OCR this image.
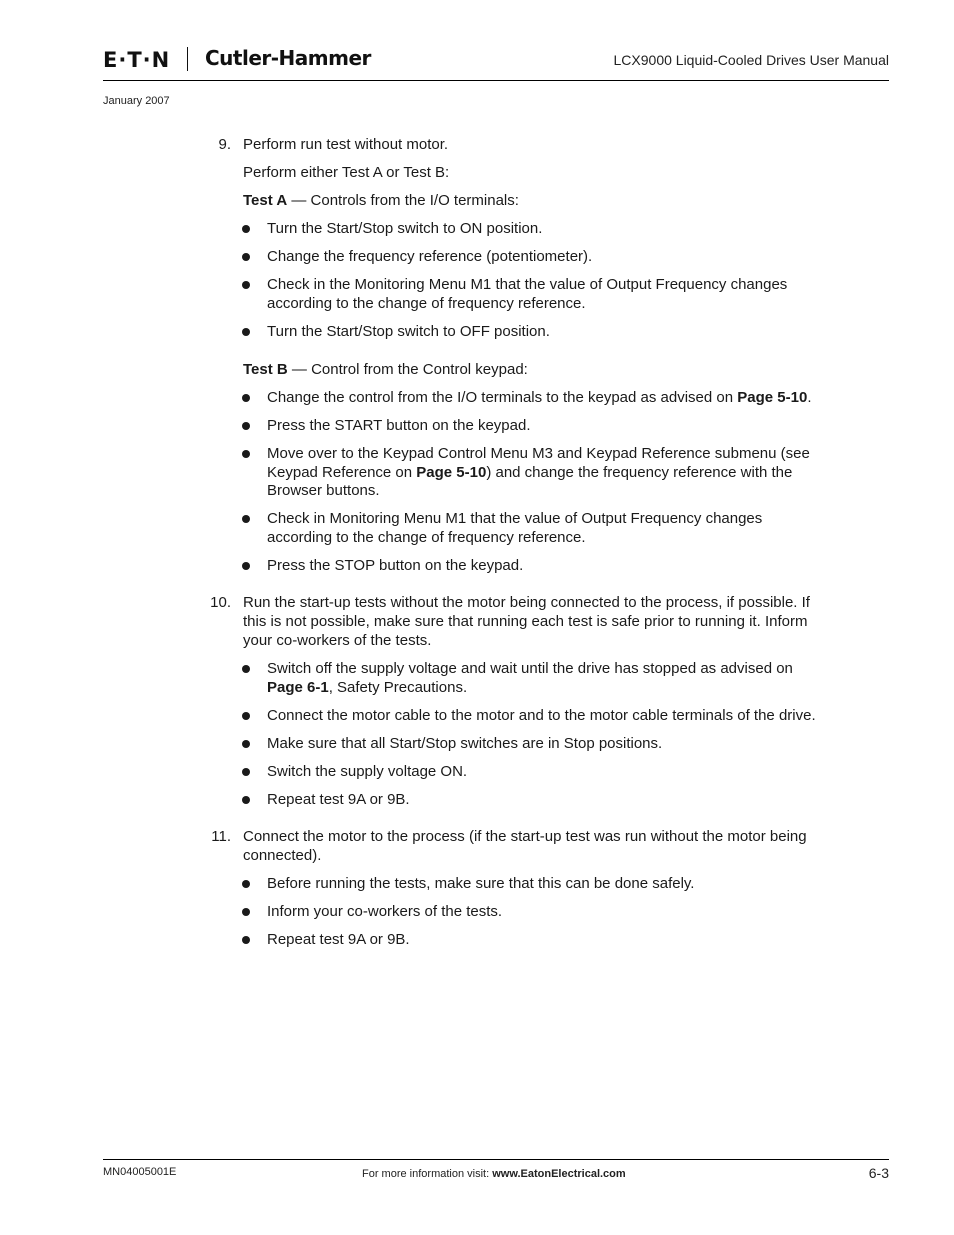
E·T·N Cutler-Hammer	LCX9000 Liquid-Cooled Drives User Manual
January 2007
9. Perform run test without motor.
Perform either Test A or Test B:
Test A — Controls from the I/O terminals:
Turn the Start/Stop switch to ON position.
Change the frequency reference (potentiometer).
Check in the Monitoring Menu M1 that the value of Output Frequency changes
according to the change of frequency reference.
Turn the Start/Stop switch to OFF position.
Test B — Control from the Control keypad:
Change the control from the I/O terminals to the keypad as advised on Page 5-10.
Press the START button on the keypad.
Move over to the Keypad Control Menu M3 and Keypad Reference submenu (see
Keypad Reference on Page 5-10) and change the frequency reference with the
Browser buttons.
Check in Monitoring Menu M1 that the value of Output Frequency changes
according to the change of frequency reference.
Press the STOP button on the keypad.
10. Run the start-up tests without the motor being connected to the process, if possible. If
this is not possible, make sure that running each test is safe prior to running it. Inform
your co-workers of the tests.
Switch off the supply voltage and wait until the drive has stopped as advised on
Page 6-1, Safety Precautions.
Connect the motor cable to the motor and to the motor cable terminals of the drive.
Make sure that all Start/Stop switches are in Stop positions.
Switch the supply voltage ON.
Repeat test 9A or 9B.
11. Connect the motor to the process (if the start-up test was run without the motor being
connected).
Before running the tests, make sure that this can be done safely.
Inform your co-workers of the tests.
Repeat test 9A or 9B.
MN04005001E	For more information visit: www.EatonElectrical.com	6-3
